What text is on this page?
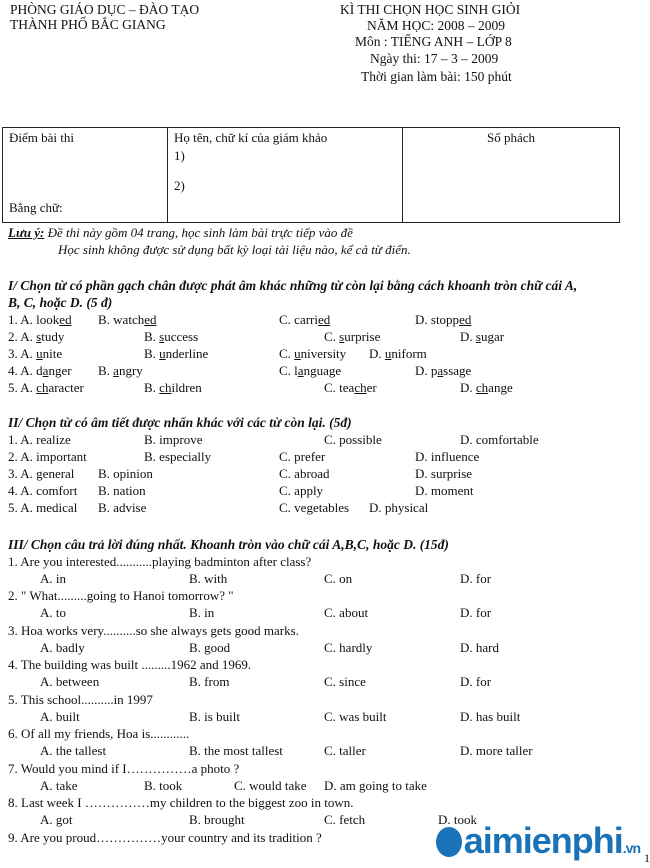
PHÒNG GIÁO DỤC – ĐÀO TẠO
THÀNH PHỐ BẮC GIANG
KÌ THI CHỌN HỌC SINH GIỎI
NĂM HỌC: 2008 – 2009
Môn : TIẾNG ANH – LỚP 8
Ngày thi: 17 – 3 – 2009
Thời gian làm bài: 150 phút
Điểm bài thi
Bằng chữ:

Họ tên, chữ kí của giám khảo
1)
2)

Số phách
Lưu ý: Đề thi này gồm 04 trang, học sinh làm bài trực tiếp vào đề
Học sinh không được sử dụng bất kỳ loại tài liệu nào, kể cả từ điển.
I/ Chọn từ có phần gạch chân được phát âm khác những từ còn lại bằng cách khoanh tròn chữ cái A,
B, C, hoặc D. (5 đ)
1. A. looked B. watched	C. carried	D. stopped
2. A. study	B. success	C. surprise	D. sugar
3. A. unite	B. underline	C. university D. uniform
4. A. danger B. angry	C. language	D. passage
5. A. character	B. children	C. teacher	D. change
II/ Chọn từ có âm tiết được nhấn khác với các từ còn lại. (5đ)
1. A. realize	B. improve	C. possible	D. comfortable
2. A. important	B. especially	C. prefer	D. influence
3. A. general B. opinion	C. abroad	D. surprise
4. A. comfort B. nation	C. apply	D. moment
5. A. medical B. advise	C. vegetables D. physical
III/ Chọn câu trả lời đúng nhất. Khoanh tròn vào chữ cái A,B,C, hoặc D. (15đ)
1. Are you interested...........playing badminton after class?
A. in	B. with	C. on	D. for
2. " What.........going to Hanoi tomorrow? "
A. to	B. in	C. about	D. for
3. Hoa works very..........so she always gets good marks.
A. badly	B. good	C. hardly	D. hard
4. The building was built .........1962 and 1969.
A. between	B. from	C. since	D. for
5. This school..........in 1997
A. built	B. is built	C. was built	D. has built
6. Of all my friends, Hoa is............
A. the tallest	B. the most tallest	C. taller	D. more taller
7. Would you mind if I……………a photo ?
A. take	B. took	C. would take D. am going to take
8. Last week I ……………my children to the biggest zoo in town.
A. got	B. brought	C. fetch	D. took
9. Are you proud……………your country and its tradition ?	aimienphi.vn
1
